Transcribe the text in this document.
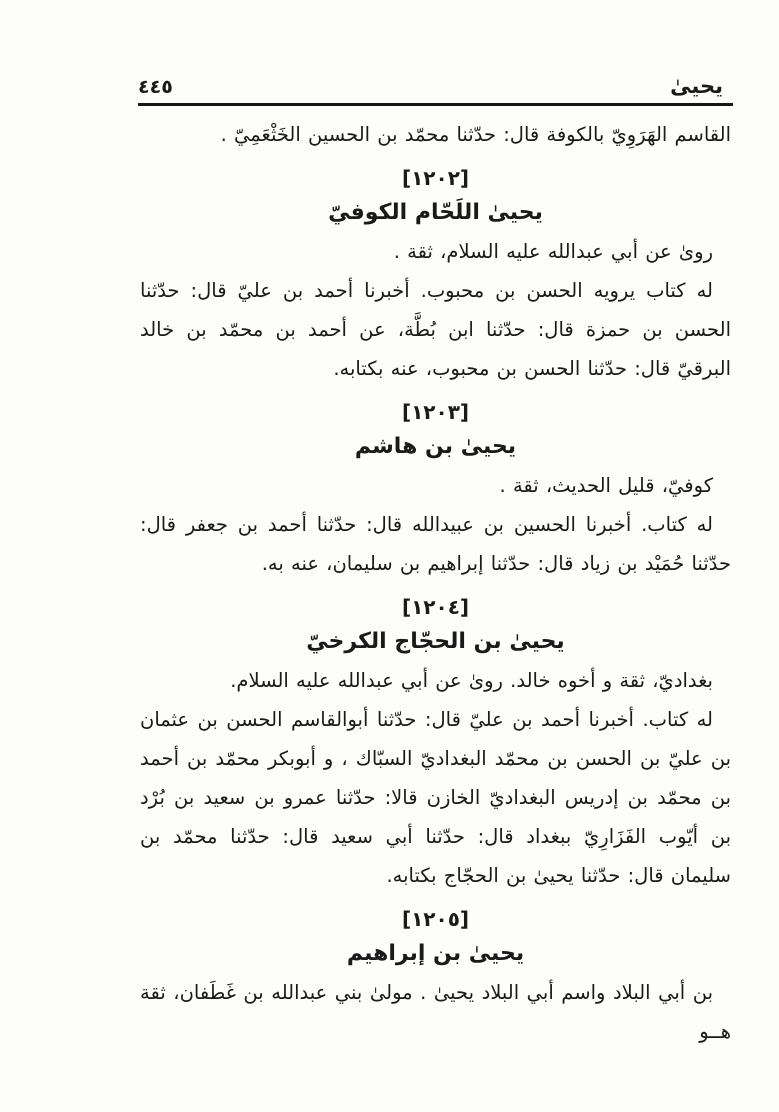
يحيىٰ
٤٤٥

القاسم الهَرَوِيّ بالكوفة قال: حدّثنا محمّد بن الحسين الخَثْعَمِيّ .

[١٢٠٢]
يحيىٰ اللَحّام الكوفيّ

روىٰ عن أبي عبدالله عليه السلام، ثقة .

له كتاب يرويه الحسن بن محبوب. أخبرنا أحمد بن عليّ قال: حدّثنا الحسن بن حمزة قال: حدّثنا ابن بُطَّة، عن أحمد بن محمّد بن خالد البرقيّ قال: حدّثنا الحسن بن محبوب، عنه بكتابه.

[١٢٠٣]
يحيىٰ بن هاشم

كوفيّ، قليل الحديث، ثقة .

له كتاب. أخبرنا الحسين بن عبيدالله قال: حدّثنا أحمد بن جعفر قال: حدّثنا حُمَيْد بن زياد قال: حدّثنا إبراهيم بن سليمان، عنه به.

[١٢٠٤]
يحيىٰ بن الحجّاج الكرخيّ

بغداديّ، ثقة و أخوه خالد. روىٰ عن أبي عبدالله عليه السلام.

له كتاب. أخبرنا أحمد بن عليّ قال: حدّثنا أبوالقاسم الحسن بن عثمان بن عليّ بن الحسن بن محمّد البغداديّ السبّاك ، و أبوبكر محمّد بن أحمد بن محمّد بن إدريس البغداديّ الخازن قالا: حدّثنا عمرو بن سعيد بن بُرْد بن أيّوب الفَزَارِيّ ببغداد قال: حدّثنا أبي سعيد قال: حدّثنا محمّد بن سليمان قال: حدّثنا يحيىٰ بن الحجّاج بكتابه.

[١٢٠٥]
يحيىٰ بن إبراهيم

بن أبي البلاد واسم أبي البلاد يحيىٰ . مولىٰ بني عبدالله بن غَطَفان، ثقة هــو
